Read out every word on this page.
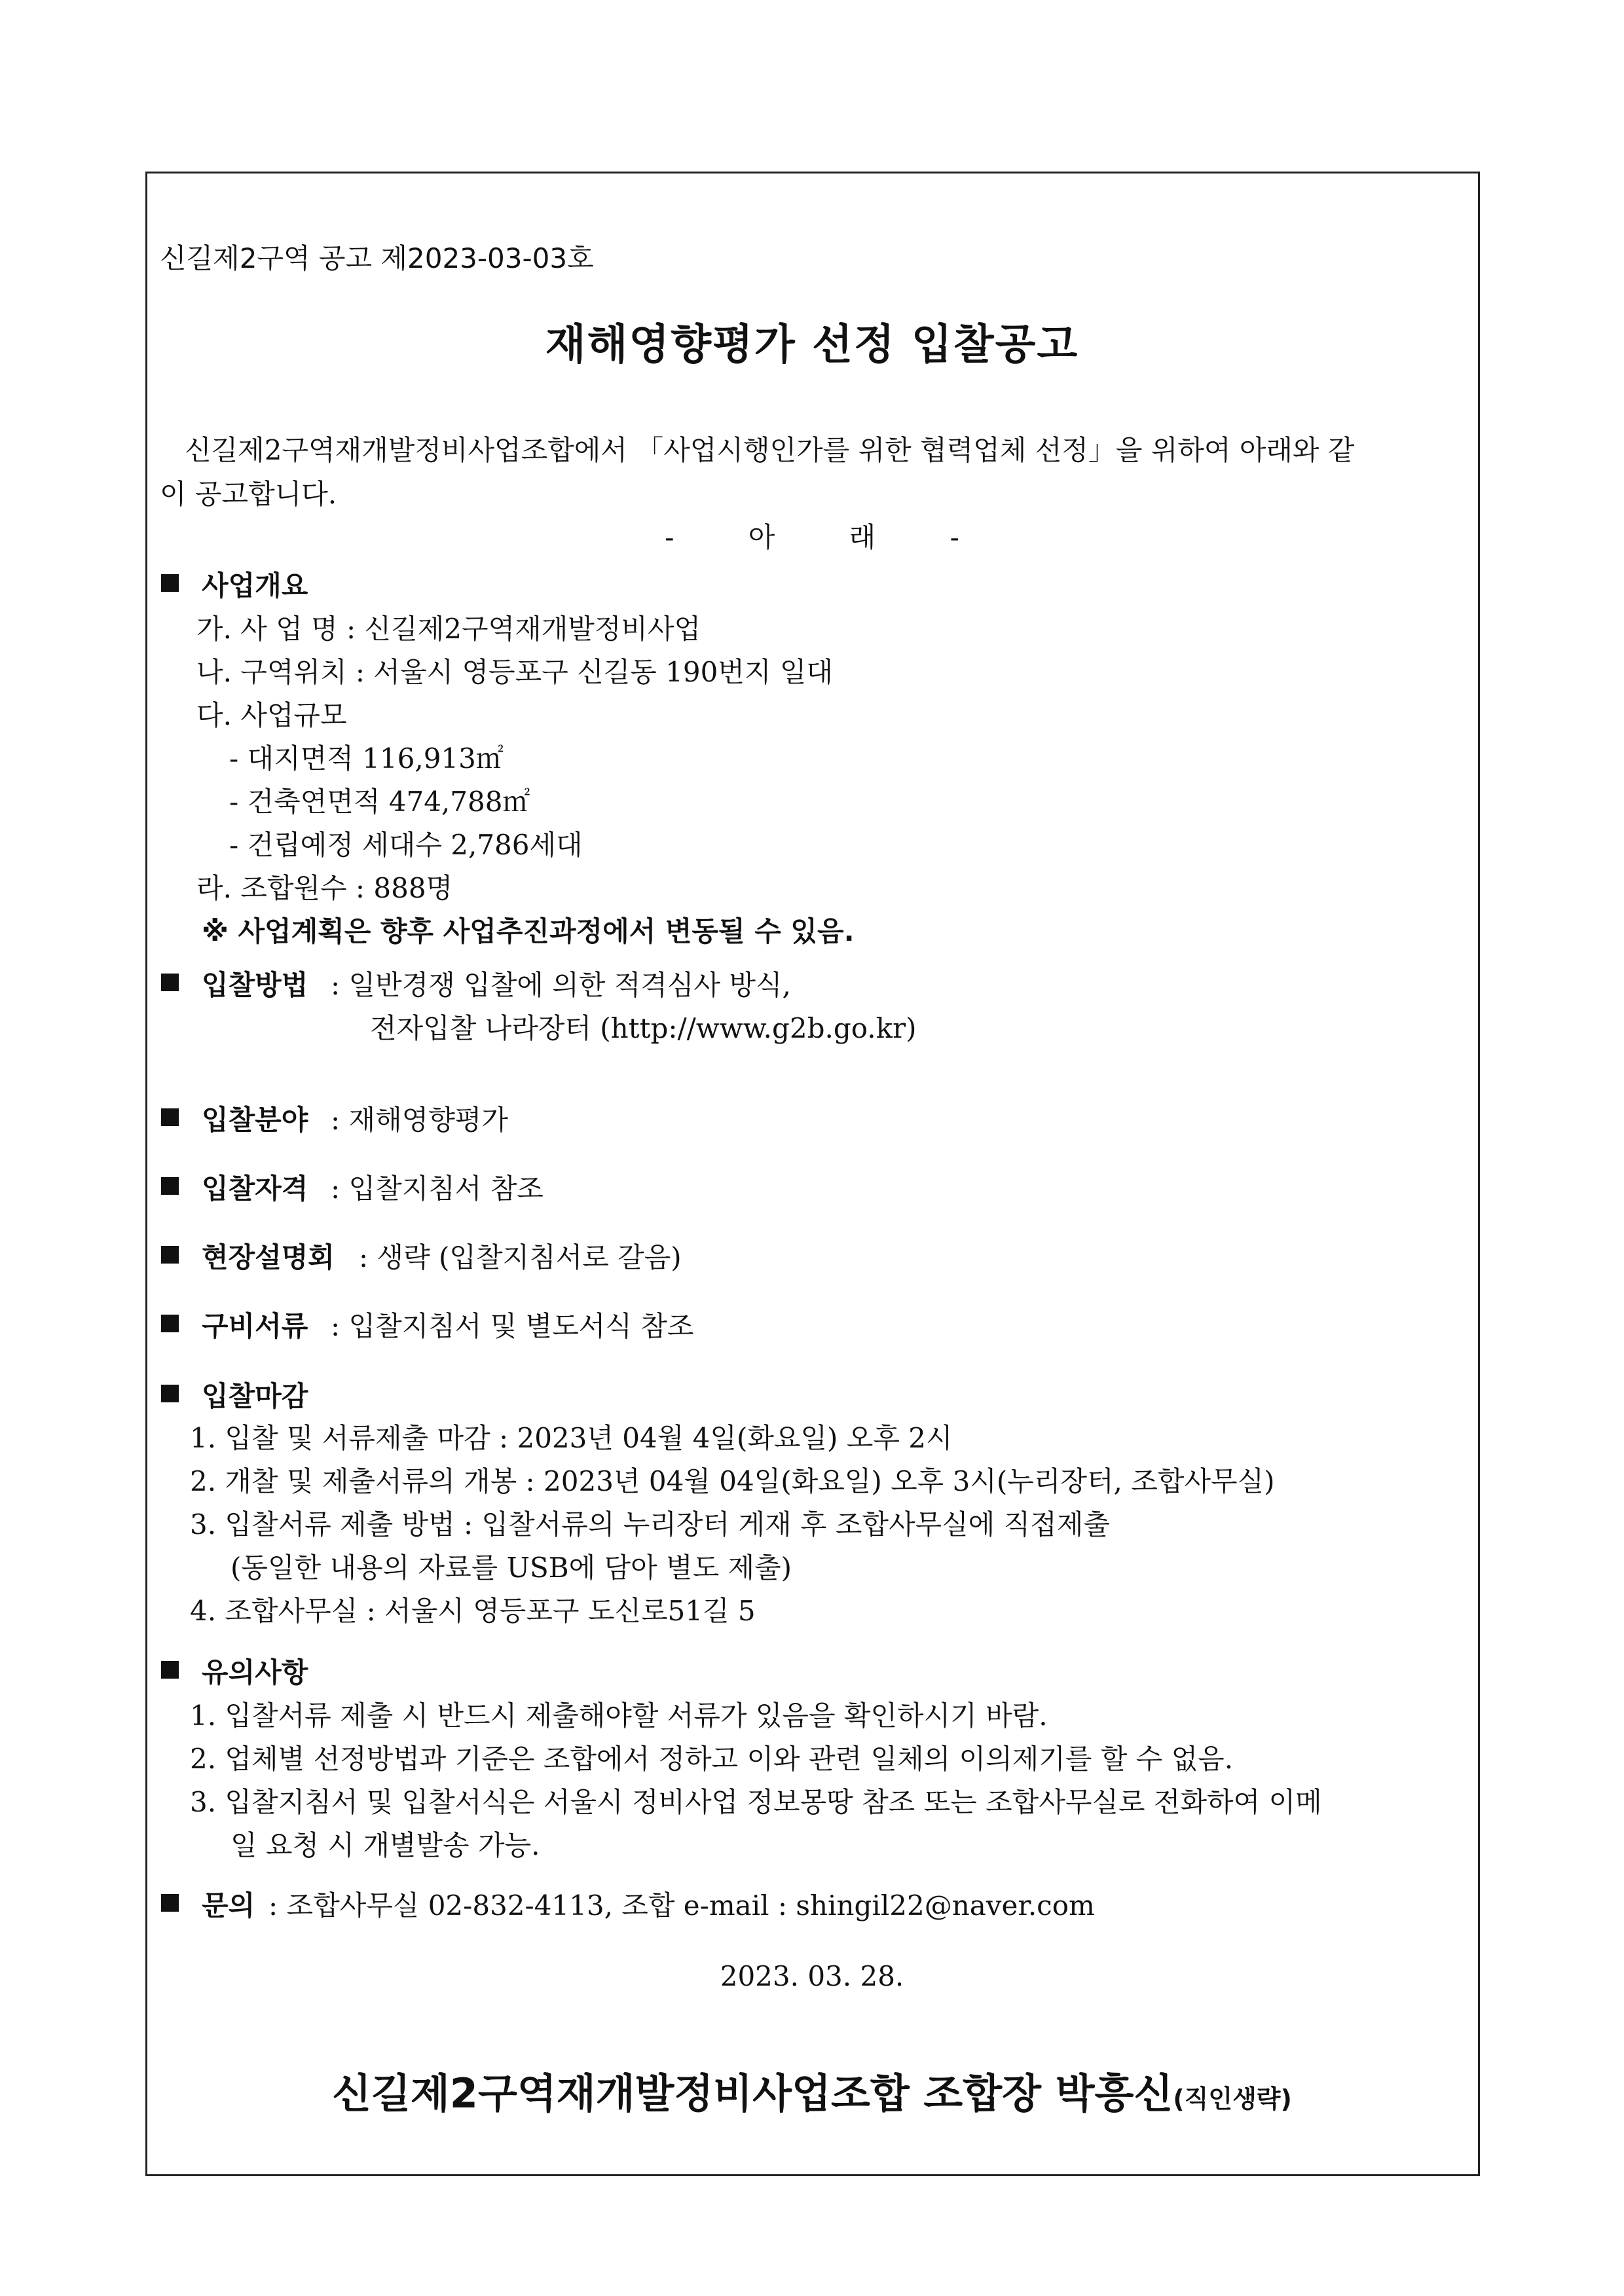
신길제2구역 공고 제2023-03-03호
재해영향평가 선정 입찰공고
신길제2구역재개발정비사업조합에서 「사업시행인가를 위한 협력업체 선정」을 위하여 아래와 같
이 공고합니다.
- 아 래 -
사업개요
가. 사 업 명 : 신길제2구역재개발정비사업
나. 구역위치 : 서울시 영등포구 신길동 190번지 일대
다. 사업규모
- 대지면적 116,913㎡
- 건축연면적 474,788㎡
- 건립예정 세대수 2,786세대
라. 조합원수 : 888명
※ 사업계획은 향후 사업추진과정에서 변동될 수 있음.
입찰방법 : 일반경쟁 입찰에 의한 적격심사 방식,
전자입찰 나라장터 (http://www.g2b.go.kr)
입찰분야 : 재해영향평가
입찰자격 : 입찰지침서 참조
현장설명회 : 생략 (입찰지침서로 갈음)
구비서류 : 입찰지침서 및 별도서식 참조
입찰마감
1. 입찰 및 서류제출 마감 : 2023년 04월 4일(화요일) 오후 2시
2. 개찰 및 제출서류의 개봉 : 2023년 04월 04일(화요일) 오후 3시(누리장터, 조합사무실)
3. 입찰서류 제출 방법 : 입찰서류의 누리장터 게재 후 조합사무실에 직접제출
(동일한 내용의 자료를 USB에 담아 별도 제출)
4. 조합사무실 : 서울시 영등포구 도신로51길 5
유의사항
1. 입찰서류 제출 시 반드시 제출해야할 서류가 있음을 확인하시기 바람.
2. 업체별 선정방법과 기준은 조합에서 정하고 이와 관련 일체의 이의제기를 할 수 없음.
3. 입찰지침서 및 입찰서식은 서울시 정비사업 정보몽땅 참조 또는 조합사무실로 전화하여 이메
일 요청 시 개별발송 가능.
문의 : 조합사무실 02-832-4113, 조합 e-mail : shingil22@naver.com
2023. 03. 28.
신길제2구역재개발정비사업조합 조합장 박흥신(직인생략)
